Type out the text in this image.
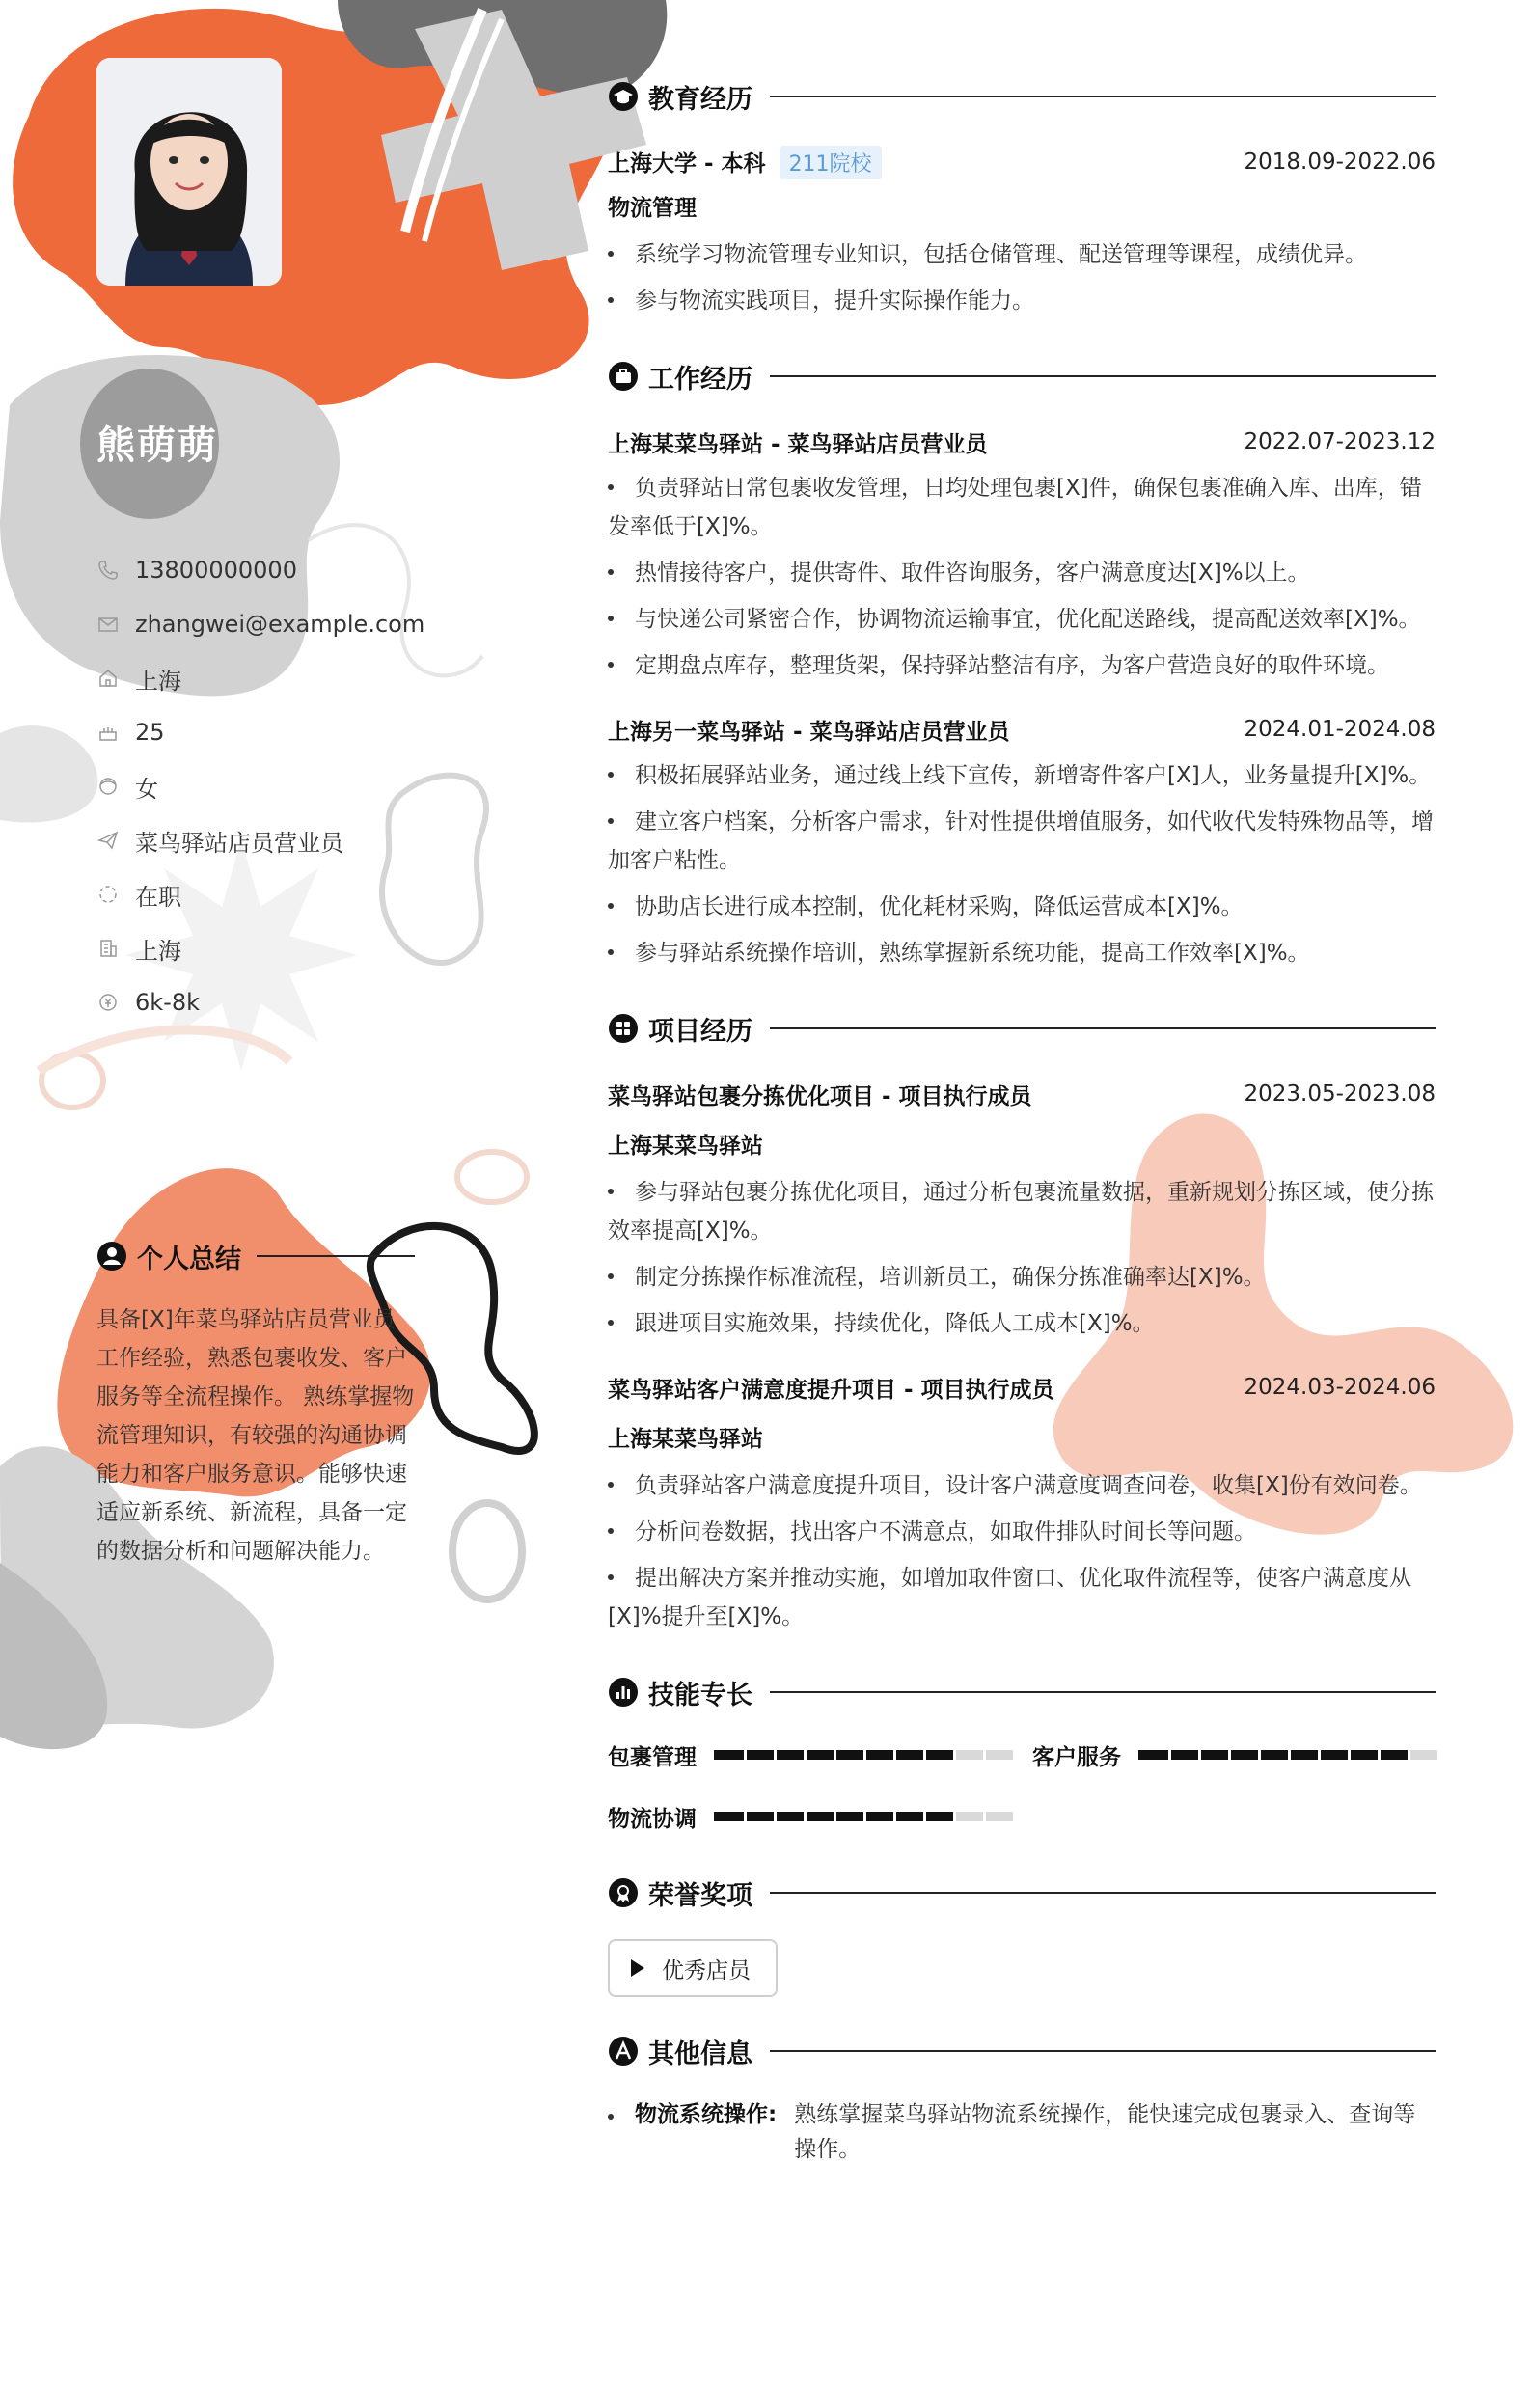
熊萌萌
13800000000
zhangwei@example.com
上海
25
女
菜鸟驿站店员营业员
在职
上海
6k-8k
个人总结
具备[X]年菜鸟驿站店员营业员工作经验，熟悉包裹收发、客户服务等全流程操作。 熟练掌握物流管理知识，有较强的沟通协调能力和客户服务意识。能够快速适应新系统、新流程，具备一定的数据分析和问题解决能力。
教育经历
上海大学 - 本科 211院校	2018.09-2022.06
物流管理
系统学习物流管理专业知识，包括仓储管理、配送管理等课程，成绩优异。
参与物流实践项目，提升实际操作能力。
工作经历
上海某菜鸟驿站 - 菜鸟驿站店员营业员	2022.07-2023.12
负责驿站日常包裹收发管理，日均处理包裹[X]件，确保包裹准确入库、出库，错发率低于[X]%。
热情接待客户，提供寄件、取件咨询服务，客户满意度达[X]%以上。
与快递公司紧密合作，协调物流运输事宜，优化配送路线，提高配送效率[X]%。
定期盘点库存，整理货架，保持驿站整洁有序，为客户营造良好的取件环境。
上海另一菜鸟驿站 - 菜鸟驿站店员营业员	2024.01-2024.08
积极拓展驿站业务，通过线上线下宣传，新增寄件客户[X]人，业务量提升[X]%。
建立客户档案，分析客户需求，针对性提供增值服务，如代收代发特殊物品等，增加客户粘性。
协助店长进行成本控制，优化耗材采购，降低运营成本[X]%。
参与驿站系统操作培训，熟练掌握新系统功能，提高工作效率[X]%。
项目经历
菜鸟驿站包裹分拣优化项目 - 项目执行成员	2023.05-2023.08
上海某菜鸟驿站
参与驿站包裹分拣优化项目，通过分析包裹流量数据，重新规划分拣区域，使分拣效率提高[X]%。
制定分拣操作标准流程，培训新员工，确保分拣准确率达[X]%。
跟进项目实施效果，持续优化，降低人工成本[X]%。
菜鸟驿站客户满意度提升项目 - 项目执行成员	2024.03-2024.06
上海某菜鸟驿站
负责驿站客户满意度提升项目，设计客户满意度调查问卷，收集[X]份有效问卷。
分析问卷数据，找出客户不满意点，如取件排队时间长等问题。
提出解决方案并推动实施，如增加取件窗口、优化取件流程等，使客户满意度从[X]%提升至[X]%。
技能专长
包裹管理	客户服务
物流协调
荣誉奖项
优秀店员
其他信息
物流系统操作: 熟练掌握菜鸟驿站物流系统操作，能快速完成包裹录入、查询等操作。
